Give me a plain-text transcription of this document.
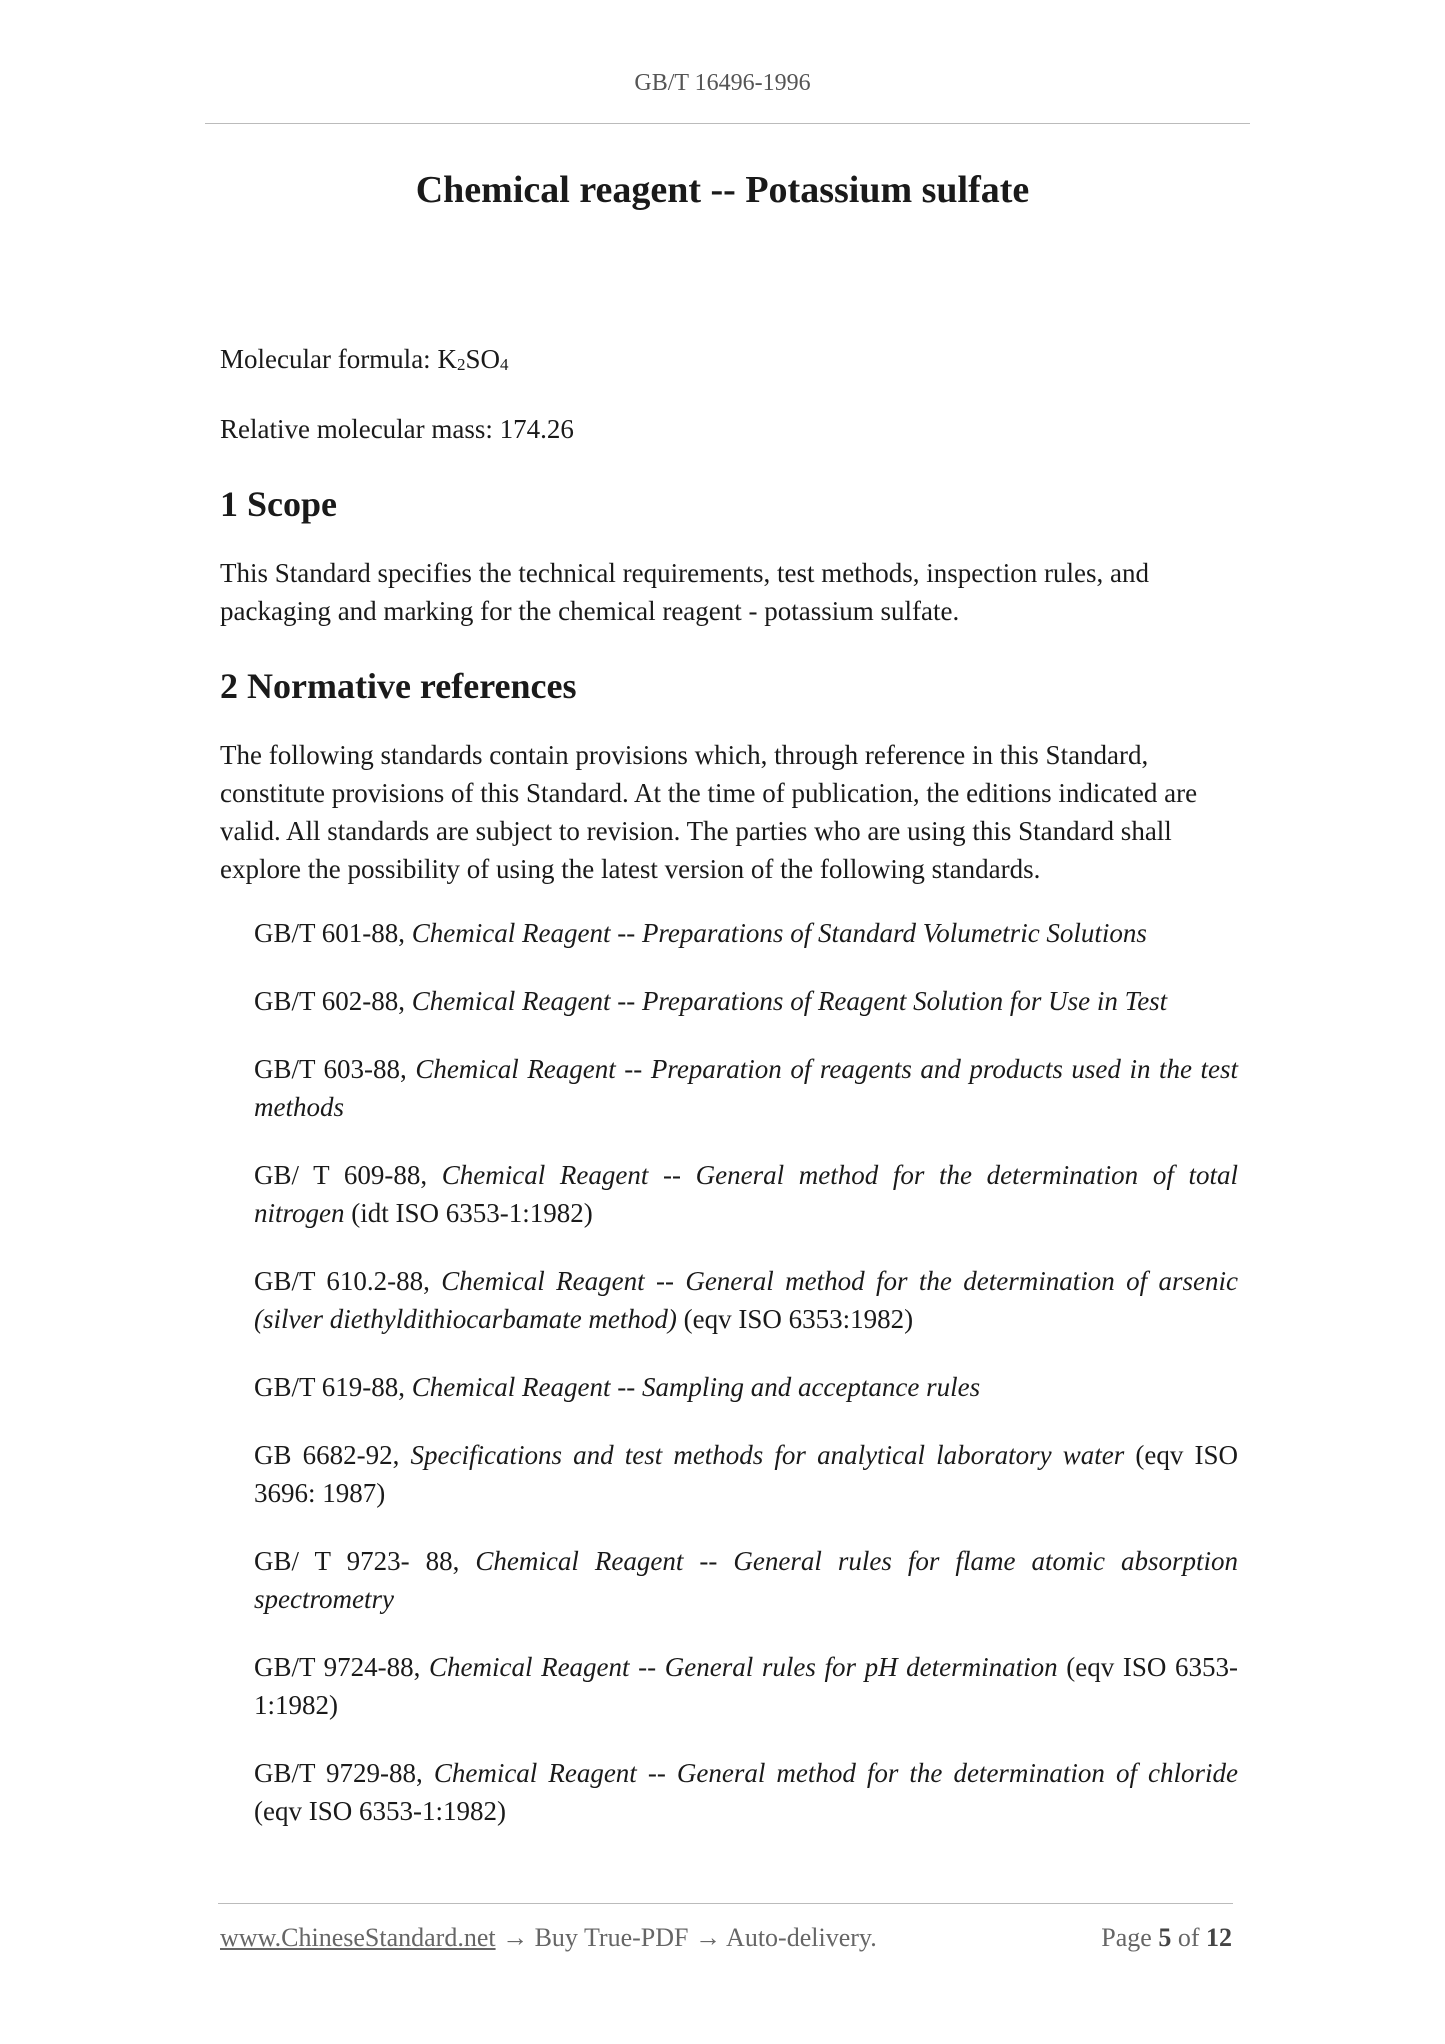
GB/T 16496-1996
Chemical reagent -- Potassium sulfate

Molecular formula: K2SO4

Relative molecular mass: 174.26

1 Scope

This Standard specifies the technical requirements, test methods, inspection rules, and packaging and marking for the chemical reagent - potassium sulfate.

2 Normative references

The following standards contain provisions which, through reference in this Standard, constitute provisions of this Standard. At the time of publication, the editions indicated are valid. All standards are subject to revision. The parties who are using this Standard shall explore the possibility of using the latest version of the following standards.

GB/T 601-88, Chemical Reagent -- Preparations of Standard Volumetric Solutions

GB/T 602-88, Chemical Reagent -- Preparations of Reagent Solution for Use in Test

GB/T 603-88, Chemical Reagent -- Preparation of reagents and products used in the test methods

GB/ T 609-88, Chemical Reagent -- General method for the determination of total nitrogen (idt ISO 6353-1:1982)

GB/T 610.2-88, Chemical Reagent -- General method for the determination of arsenic (silver diethyldithiocarbamate method) (eqv ISO 6353:1982)

GB/T 619-88, Chemical Reagent -- Sampling and acceptance rules

GB 6682-92, Specifications and test methods for analytical laboratory water (eqv ISO 3696: 1987)

GB/ T 9723- 88, Chemical Reagent -- General rules for flame atomic absorption spectrometry

GB/T 9724-88, Chemical Reagent -- General rules for pH determination (eqv ISO 6353-1:1982)

GB/T 9729-88, Chemical Reagent -- General method for the determination of chloride (eqv ISO 6353-1:1982)

www.ChineseStandard.net → Buy True-PDF → Auto-delivery.	Page 5 of 12
